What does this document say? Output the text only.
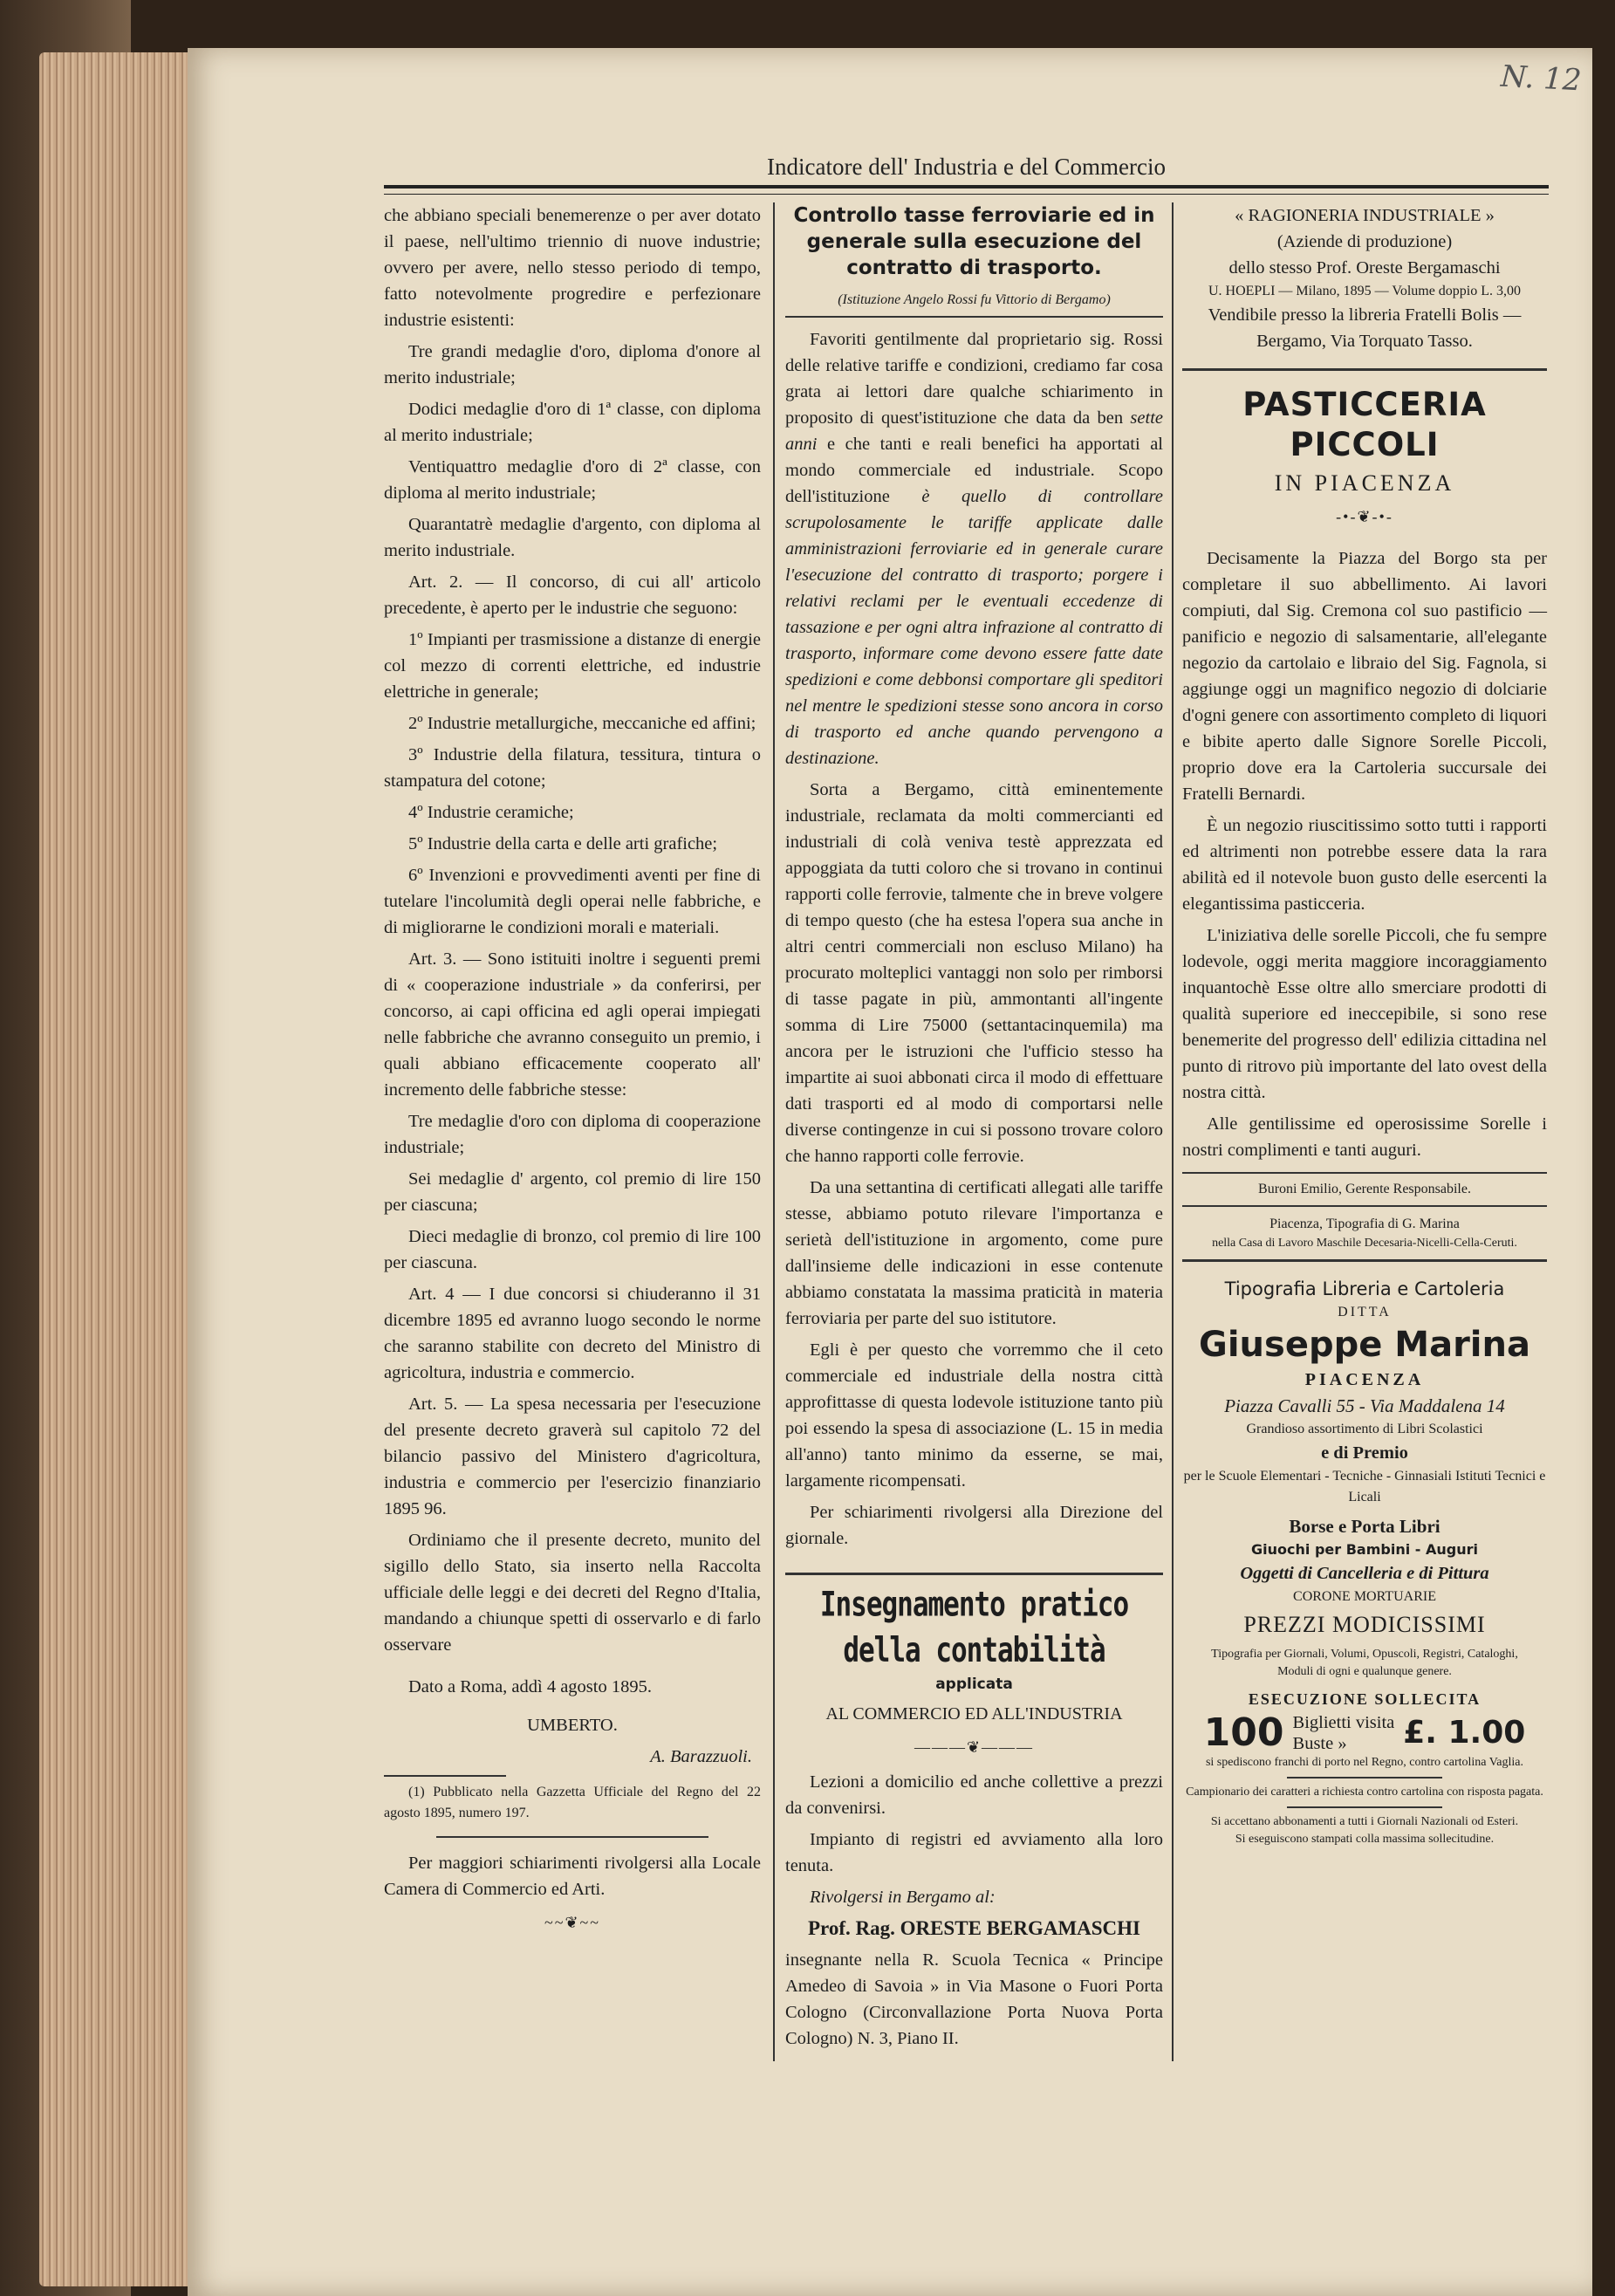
N. 12
Indicatore dell' Industria e del Commercio

che abbiano speciali benemerenze o per aver dotato il paese, nell'ultimo triennio di nuove industrie; ovvero per avere, nello stesso periodo di tempo, fatto notevolmente progredire e perfezionare industrie esistenti:

Tre grandi medaglie d'oro, diploma d'onore al merito industriale;

Dodici medaglie d'oro di 1ª classe, con diploma al merito industriale;

Ventiquattro medaglie d'oro di 2ª classe, con diploma al merito industriale;

Quarantatrè medaglie d'argento, con diploma al merito industriale.

Art. 2. — Il concorso, di cui all' articolo precedente, è aperto per le industrie che seguono:

1º Impianti per trasmissione a distanze di energie col mezzo di correnti elettriche, ed industrie elettriche in generale;

2º Industrie metallurgiche, meccaniche ed affini;

3º Industrie della filatura, tessitura, tintura o stampatura del cotone;

4º Industrie ceramiche;

5º Industrie della carta e delle arti grafiche;

6º Invenzioni e provvedimenti aventi per fine di tutelare l'incolumità degli operai nelle fabbriche, e di migliorarne le condizioni morali e materiali.

Art. 3. — Sono istituiti inoltre i seguenti premi di « cooperazione industriale » da conferirsi, per concorso, ai capi officina ed agli operai impiegati nelle fabbriche che avranno conseguito un premio, i quali abbiano efficacemente cooperato all' incremento delle fabbriche stesse:

Tre medaglie d'oro con diploma di cooperazione industriale;

Sei medaglie d' argento, col premio di lire 150 per ciascuna;

Dieci medaglie di bronzo, col premio di lire 100 per ciascuna.

Art. 4 — I due concorsi si chiuderanno il 31 dicembre 1895 ed avranno luogo secondo le norme che saranno stabilite con decreto del Ministro di agricoltura, industria e commercio.

Art. 5. — La spesa necessaria per l'esecuzione del presente decreto graverà sul capitolo 72 del bilancio passivo del Ministero d'agricoltura, industria e commercio per l'esercizio finanziario 1895 96.

Ordiniamo che il presente decreto, munito del sigillo dello Stato, sia inserto nella Raccolta ufficiale delle leggi e dei decreti del Regno d'Italia, mandando a chiunque spetti di osservarlo e di farlo osservare

Dato a Roma, addì 4 agosto 1895.

UMBERTO.

A. Barazzuoli.

(1) Pubblicato nella Gazzetta Ufficiale del Regno del 22 agosto 1895, numero 197.

Per maggiori schiarimenti rivolgersi alla Locale Camera di Commercio ed Arti.

~~❦~~
Controllo tasse ferroviarie ed in generale sulla esecuzione del contratto di trasporto.

(Istituzione Angelo Rossi fu Vittorio di Bergamo)

Favoriti gentilmente dal proprietario sig. Rossi delle relative tariffe e condizioni, crediamo far cosa grata ai lettori dare qualche schiarimento in proposito di quest'istituzione che data da ben sette anni e che tanti e reali benefici ha apportati al mondo commerciale ed industriale. Scopo dell'istituzione è quello di controllare scrupolosamente le tariffe applicate dalle amministrazioni ferroviarie ed in generale curare l'esecuzione del contratto di trasporto; porgere i relativi reclami per le eventuali eccedenze di tassazione e per ogni altra infrazione al contratto di trasporto, informare come devono essere fatte date spedizioni e come debbonsi comportare gli speditori nel mentre le spedizioni stesse sono ancora in corso di trasporto ed anche quando pervengono a destinazione.

Sorta a Bergamo, città eminentemente industriale, reclamata da molti commercianti ed industriali di colà veniva testè apprezzata ed appoggiata da tutti coloro che si trovano in continui rapporti colle ferrovie, talmente che in breve volgere di tempo questo (che ha estesa l'opera sua anche in altri centri commerciali non escluso Milano) ha procurato molteplici vantaggi non solo per rimborsi di tasse pagate in più, ammontanti all'ingente somma di Lire 75000 (settantacinquemila) ma ancora per le istruzioni che l'ufficio stesso ha impartite ai suoi abbonati circa il modo di effettuare dati trasporti ed al modo di comportarsi nelle diverse contingenze in cui si possono trovare coloro che hanno rapporti colle ferrovie.

Da una settantina di certificati allegati alle tariffe stesse, abbiamo potuto rilevare l'importanza e serietà dell'istituzione in argomento, come pure dall'insieme delle indicazioni in esse contenute abbiamo constatata la massima praticità in materia ferroviaria per parte del suo istitutore.

Egli è per questo che vorremmo che il ceto commerciale ed industriale della nostra città approfittasse di questa lodevole istituzione tanto più poi essendo la spesa di associazione (L. 15 in media all'anno) tanto minimo da esserne, se mai, largamente ricompensati.

Per schiarimenti rivolgersi alla Direzione del giornale.

Insegnamento pratico della contabilità
applicata
AL COMMERCIO ED ALL'INDUSTRIA
———❦———

Lezioni a domicilio ed anche collettive a prezzi da convenirsi.

Impianto di registri ed avviamento alla loro tenuta.

Rivolgersi in Bergamo al:

Prof. Rag. ORESTE BERGAMASCHI

insegnante nella R. Scuola Tecnica « Principe Amedeo di Savoia » in Via Masone o Fuori Porta Cologno (Circonvallazione Porta Nuova Porta Cologno) N. 3, Piano II.

« RAGIONERIA INDUSTRIALE »
(Aziende di produzione)
dello stesso Prof. Oreste Bergamaschi
U. HOEPLI — Milano, 1895 — Volume doppio L. 3,00
Vendibile presso la libreria Fratelli Bolis — Bergamo, Via Torquato Tasso.
PASTICCERIA PICCOLI
IN PIACENZA
-•-❦-•-

Decisamente la Piazza del Borgo sta per completare il suo abbellimento. Ai lavori compiuti, dal Sig. Cremona col suo pastificio — panificio e negozio di salsamentarie, all'elegante negozio da cartolaio e libraio del Sig. Fagnola, si aggiunge oggi un magnifico negozio di dolciarie d'ogni genere con assortimento completo di liquori e bibite aperto dalle Signore Sorelle Piccoli, proprio dove era la Cartoleria succursale dei Fratelli Bernardi.

È un negozio riuscitissimo sotto tutti i rapporti ed altrimenti non potrebbe essere data la rara abilità ed il notevole buon gusto delle esercenti la elegantissima pasticceria.

L'iniziativa delle sorelle Piccoli, che fu sempre lodevole, oggi merita maggiore incoraggiamento inquantochè Esse oltre allo smerciare prodotti di qualità superiore ed ineccepibile, si sono rese benemerite del progresso dell' edilizia cittadina nel punto di ritrovo più importante del lato ovest della nostra città.

Alle gentilissime ed operosissime Sorelle i nostri complimenti e tanti auguri.

Buroni Emilio, Gerente Responsabile.

Piacenza, Tipografia di G. Marina

nella Casa di Lavoro Maschile Decesaria-Nicelli-Cella-Ceruti.

Tipografia Libreria e Cartoleria
DITTA
Giuseppe Marina
PIACENZA
Piazza Cavalli 55 - Via Maddalena 14
Grandioso assortimento di Libri Scolastici
e di Premio
per le Scuole Elementari - Tecniche - Ginnasiali Istituti Tecnici e Licali
Borse e Porta Libri
Giuochi per Bambini - Auguri
Oggetti di Cancelleria e di Pittura
CORONE MORTUARIE
PREZZI MODICISSIMI
Tipografia per Giornali, Volumi, Opuscoli, Registri, Cataloghi, Moduli di ogni e qualunque genere.
ESECUZIONE SOLLECITA
100 Biglietti visita
Buste »	£. 1.00
si spediscono franchi di porto nel Regno, contro cartolina Vaglia.
Campionario dei caratteri a richiesta contro cartolina con risposta pagata.
Si accettano abbonamenti a tutti i Giornali Nazionali od Esteri.
Si eseguiscono stampati colla massima sollecitudine.
